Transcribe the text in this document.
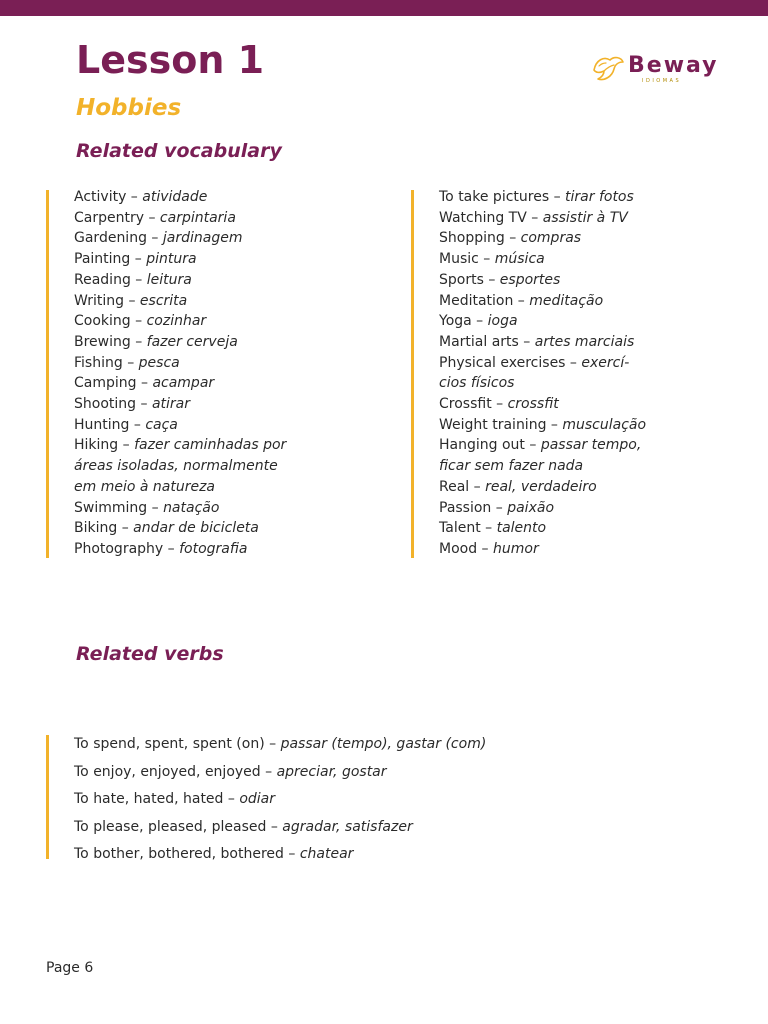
Lesson 1	Beway
IDIOMAS
Hobbies
Related vocabulary
Activity – atividade
Carpentry – carpintaria
Gardening – jardinagem
Painting – pintura
Reading – leitura
Writing – escrita
Cooking – cozinhar
Brewing – fazer cerveja
Fishing – pesca
Camping – acampar
Shooting – atirar
Hunting – caça
Hiking – fazer caminhadas por áreas isoladas, normalmente em meio à natureza
Swimming – natação
Biking – andar de bicicleta
Photography – fotografia
To take pictures – tirar fotos
Watching TV – assistir à TV
Shopping – compras
Music – música
Sports – esportes
Meditation – meditação
Yoga – ioga
Martial arts – artes marciais
Physical exercises – exercí-cios físicos
Crossfit – crossfit
Weight training – musculação
Hanging out – passar tempo, ficar sem fazer nada
Real – real, verdadeiro
Passion – paixão
Talent – talento
Mood – humor
Related verbs
To spend, spent, spent (on) – passar (tempo), gastar (com)
To enjoy, enjoyed, enjoyed – apreciar, gostar
To hate, hated, hated – odiar
To please, pleased, pleased – agradar, satisfazer
To bother, bothered, bothered – chatear
Page 6
